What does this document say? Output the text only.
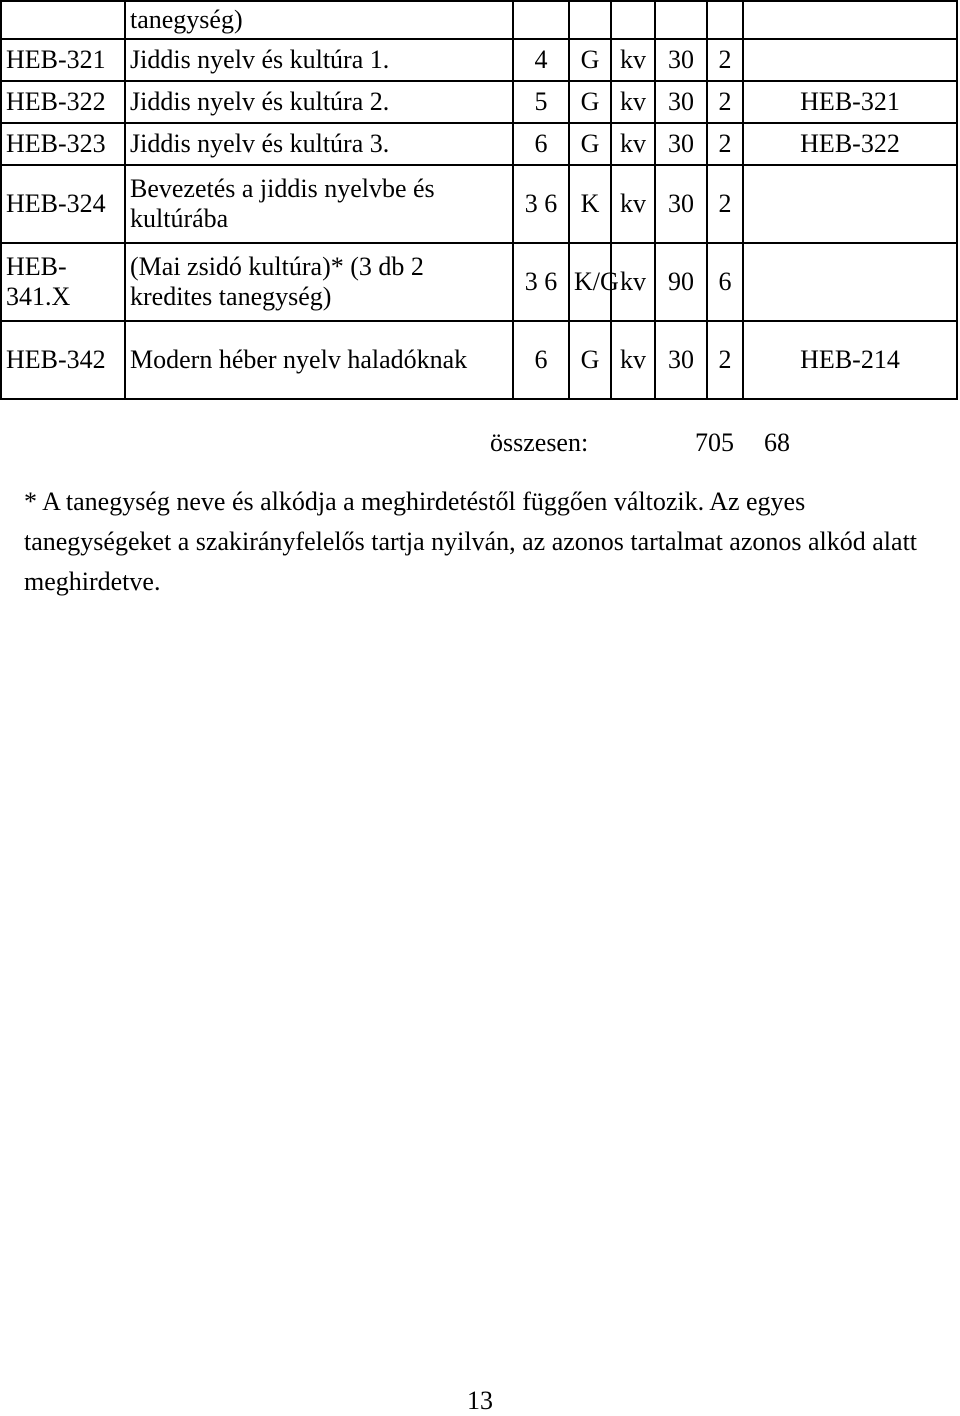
	tanegység)						
HEB-321	Jiddis nyelv és kultúra 1.	4	G	kv	30	2	
HEB-322	Jiddis nyelv és kultúra 2.	5	G	kv	30	2	HEB-321
HEB-323	Jiddis nyelv és kultúra 3.	6	G	kv	30	2	HEB-322
HEB-324	Bevezetés a jiddis nyelvbe és kultúrába	3 6	K	kv	30	2	
HEB-341.X	(Mai zsidó kultúra)* (3 db 2 kredites tanegység)	3 6	K/G	kv	90	6	
HEB-342	Modern héber nyelv haladóknak	6	G	kv	30	2	HEB-214
összesen:	705 68

* A tanegység neve és alkódja a meghirdetéstől függően változik. Az egyes tanegységeket a szakirányfelelős tartja nyilván, az azonos tartalmat azonos alkód alatt meghirdetve.

13
